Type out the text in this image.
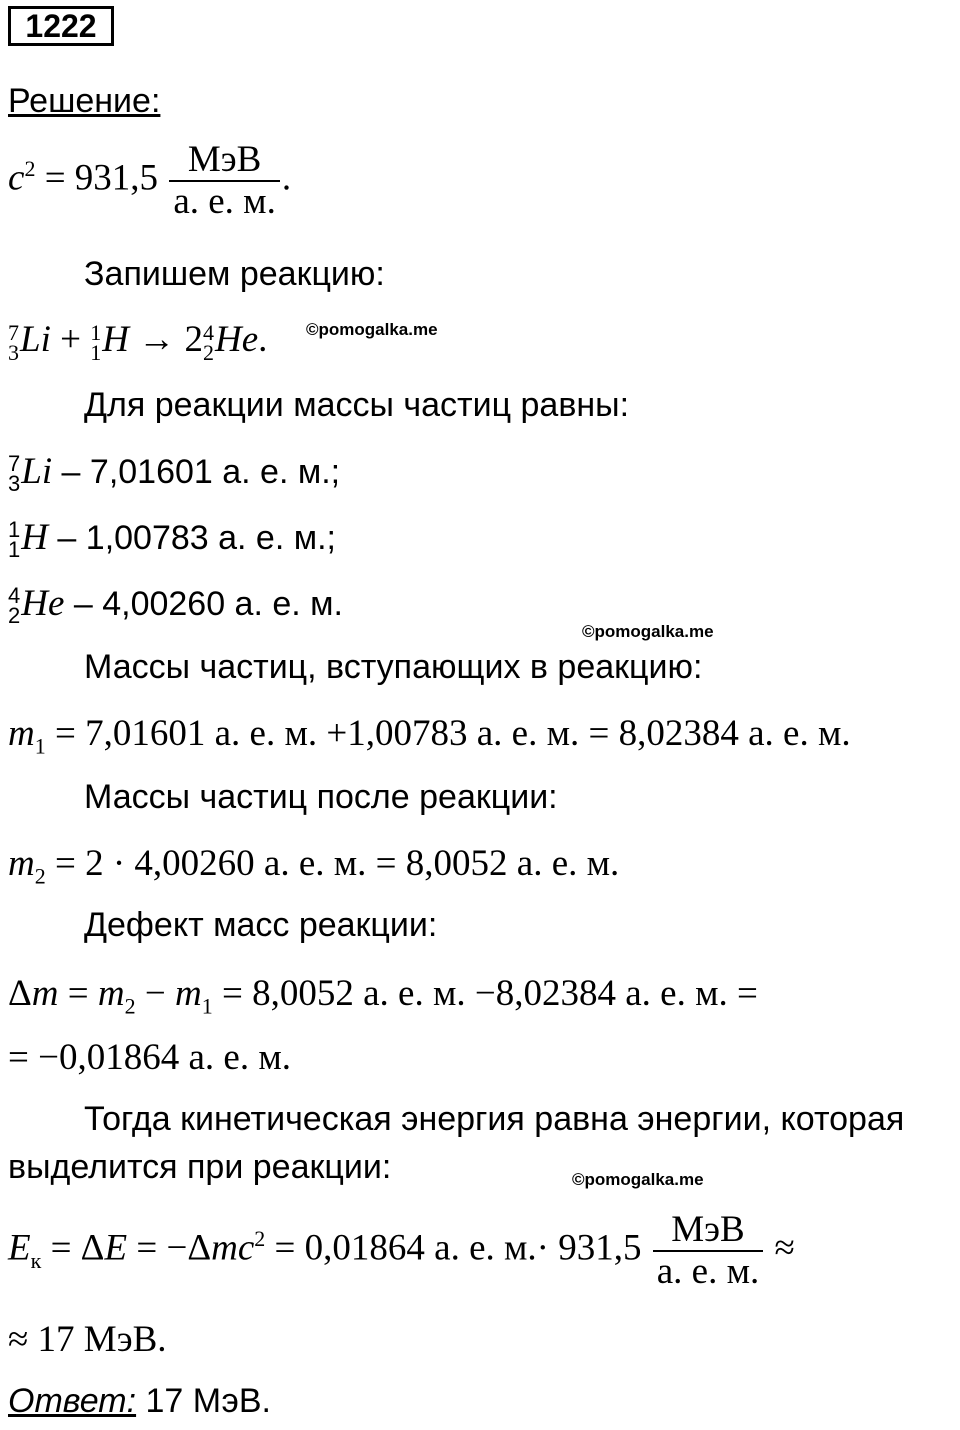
1222
Решение:
$c^2 = 931,5 \frac{\text{МэВ}}{а. е. м.}$ .
Запишем реакцию:
7
3 Li + 1
1 H → 2 4
2 He. ©pomogalka.me
Для реакции массы частиц равны:
7
3 Li – 7,01601 а. е. м.;
1
1 H – 1,00783 а. е. м.;
4
2 He – 4,00260 а. е. м.
©pomogalka.me
Массы частиц, вступающих в реакцию:
$m_1 = 7,01601$ а. е. м. +1,00783 а. е. м. = 8,02384 а. е. м.
Массы частиц после реакции:
$m_2 = 2 \cdot 4,00260$ а. е. м. = 8,0052 а. е. м.
Дефект масс реакции:
$\Delta m = m_2 - m_1 = 8,0052$ а. е. м. −8,02384 а. е. м. =
= −0,01864 а. е. м.
Тогда кинетическая энергия равна энергии, которая
выделится при реакции:	©pomogalka.me
$E_к = \Delta E = -\Delta mc^2 = 0,01864$ а. е. $м.\cdot 931,5 \frac{\text{МэВ}}{а. е. м.}$ ≈
≈ 17 МэВ.
Ответ: 17 МэВ.
